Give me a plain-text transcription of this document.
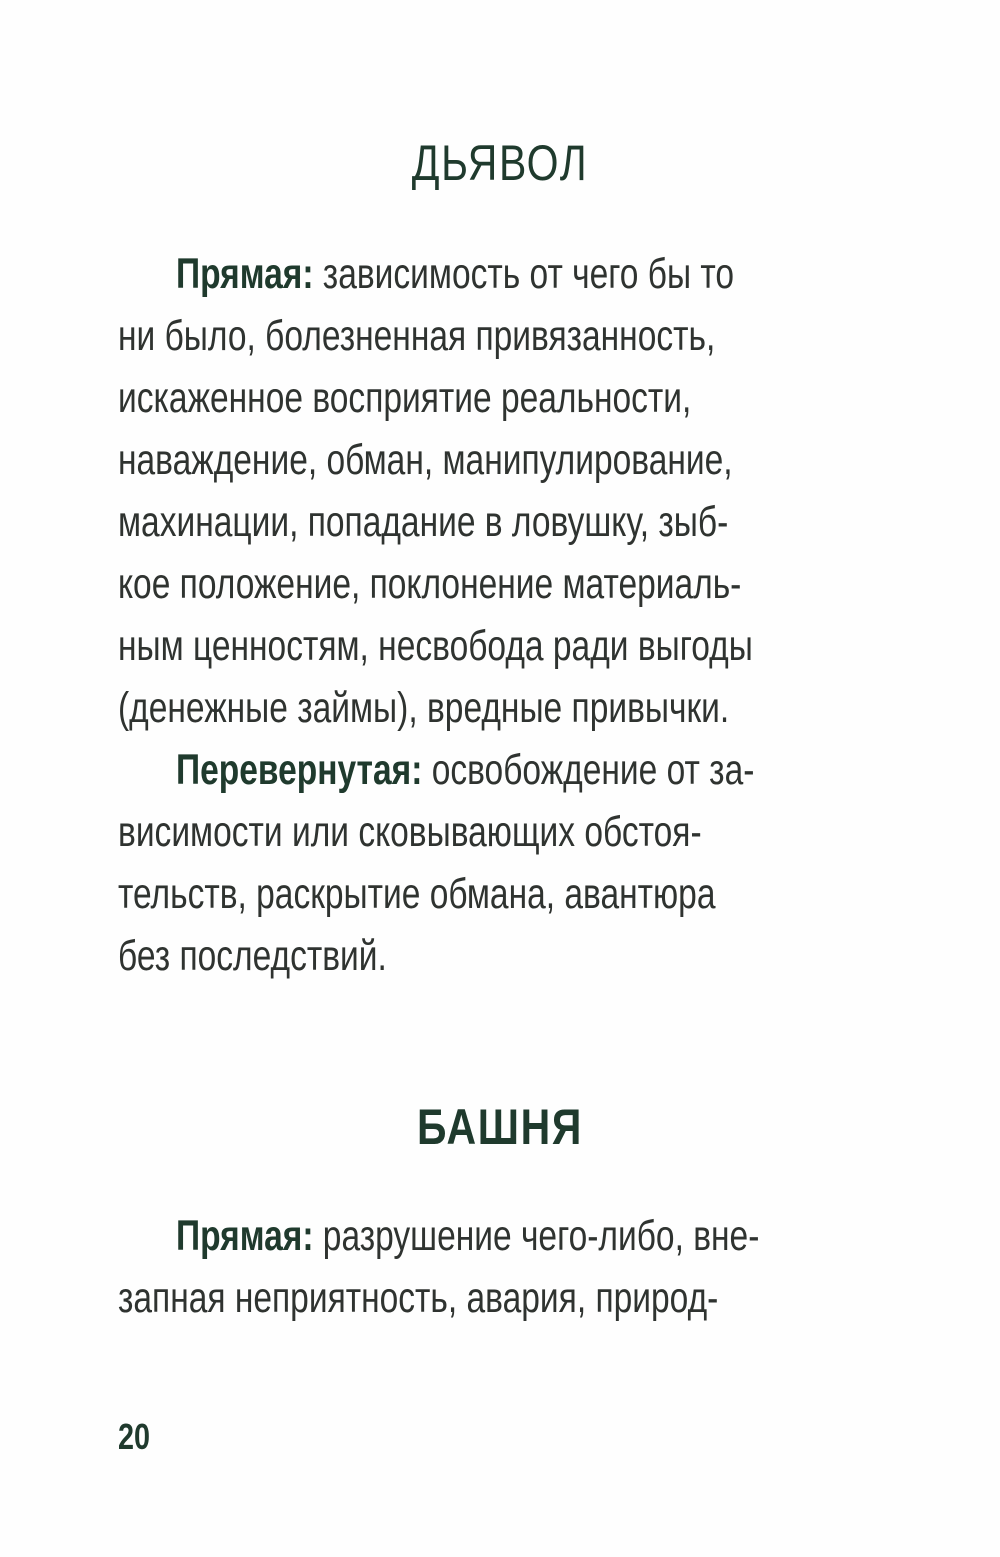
ДЬЯВОЛ
Прямая: зависимость от чего бы то
ни было, болезненная привязанность,
искаженное восприятие реальности,
наваждение, обман, манипулирование,
махинации, попадание в ловушку, зыб-
кое положение, поклонение материаль-
ным ценностям, несвобода ради выгоды
(денежные займы), вредные привычки.
Перевернутая: освобождение от за-
висимости или сковывающих обстоя-
тельств, раскрытие обмана, авантюра
без последствий.
БАШНЯ
Прямая: разрушение чего-либо, вне-
запная неприятность, авария, природ-
20
